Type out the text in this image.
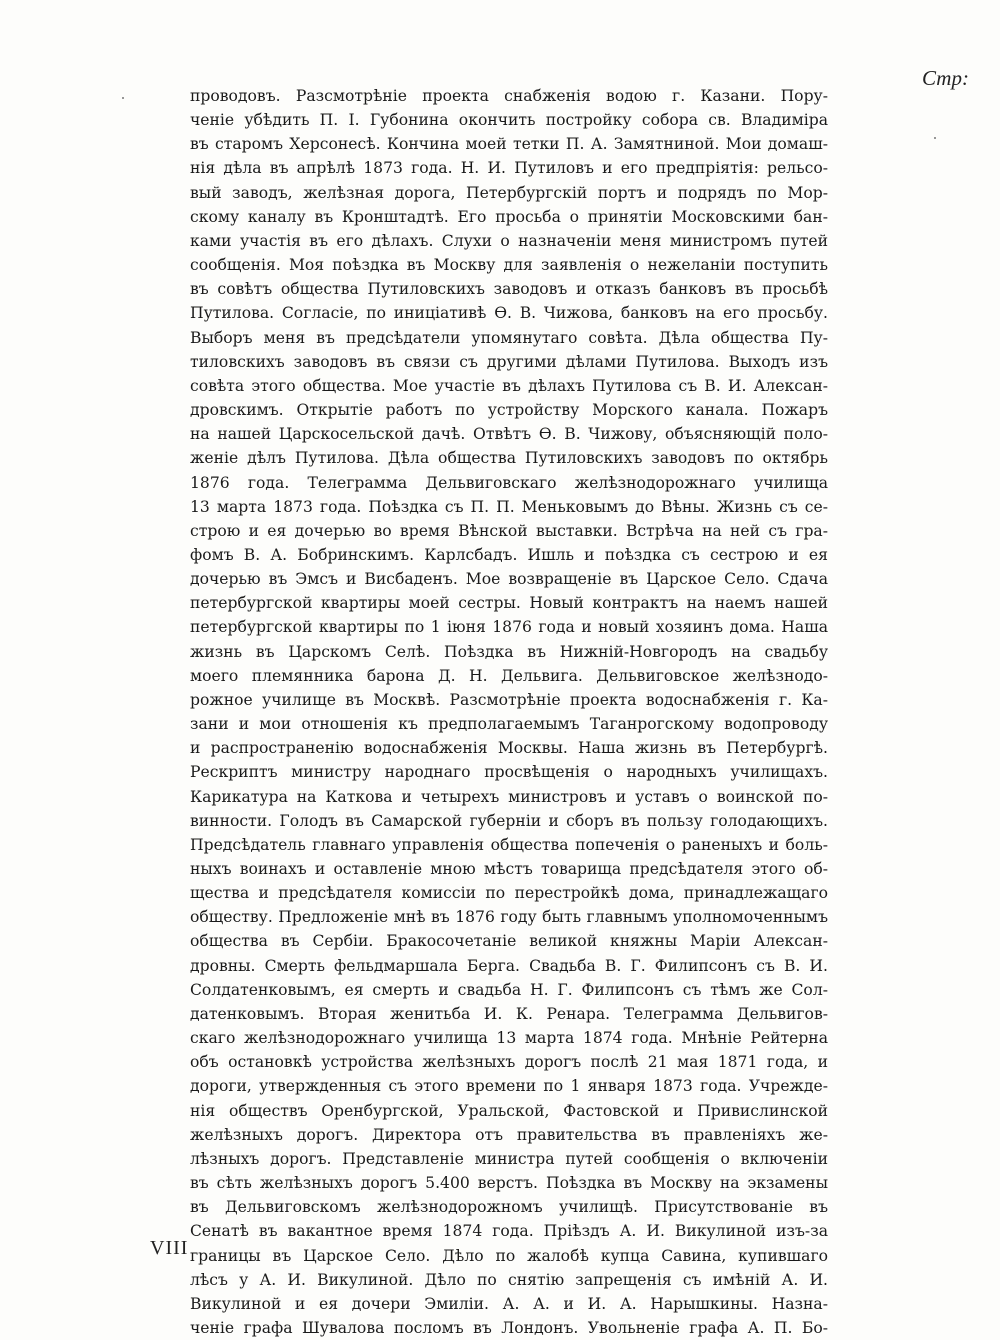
Стр:
проводовъ. Разсмотрѣніе проекта снабженія водою г. Казани. Пору-
ченіе убѣдить П. І. Губонина окончить постройку собора св. Владиміра
въ старомъ Херсонесѣ. Кончина моей тетки П. А. Замятниной. Мои домаш-
нія дѣла въ апрѣлѣ 1873 года. Н. И. Путиловъ и его предпріятія: рельсо-
вый заводъ, желѣзная дорога, Петербургскій портъ и подрядъ по Мор-
скому каналу въ Кронштадтѣ. Его просьба о принятіи Московскими бан-
ками участія въ его дѣлахъ. Слухи о назначеніи меня министромъ путей
сообщенія. Моя поѣздка въ Москву для заявленія о нежеланіи поступить
въ совѣтъ общества Путиловскихъ заводовъ и отказъ банковъ въ просьбѣ
Путилова. Согласіе, по иниціативѣ Ѳ. В. Чижова, банковъ на его просьбу.
Выборъ меня въ предсѣдатели упомянутаго совѣта. Дѣла общества Пу-
тиловскихъ заводовъ въ связи съ другими дѣлами Путилова. Выходъ изъ
совѣта этого общества. Мое участіе въ дѣлахъ Путилова съ В. И. Алексан-
дровскимъ. Открытіе работъ по устройству Морского канала. Пожаръ
на нашей Царскосельской дачѣ. Отвѣтъ Ѳ. В. Чижову, объясняющій поло-
женіе дѣлъ Путилова. Дѣла общества Путиловскихъ заводовъ по октябрь
1876 года. Телеграмма Дельвиговскаго желѣзнодорожнаго училища
13 марта 1873 года. Поѣздка съ П. П. Меньковымъ до Вѣны. Жизнь съ се-
строю и ея дочерью во время Вѣнской выставки. Встрѣча на ней съ гра-
фомъ В. А. Бобринскимъ. Карлсбадъ. Ишль и поѣздка съ сестрою и ея
дочерью въ Эмсъ и Висбаденъ. Мое возвращеніе въ Царское Село. Сдача
петербургской квартиры моей сестры. Новый контрактъ на наемъ нашей
петербургской квартиры по 1 іюня 1876 года и новый хозяинъ дома. Наша
жизнь въ Царскомъ Селѣ. Поѣздка въ Нижній-Новгородъ на свадьбу
моего племянника барона Д. Н. Дельвига. Дельвиговское желѣзнодо-
рожное училище въ Москвѣ. Разсмотрѣніе проекта водоснабженія г. Ка-
зани и мои отношенія къ предполагаемымъ Таганрогскому водопроводу
и распространенію водоснабженія Москвы. Наша жизнь въ Петербургѣ.
Рескриптъ министру народнаго просвѣщенія о народныхъ училищахъ.
Карикатура на Каткова и четырехъ министровъ и уставъ о воинской по-
винности. Голодъ въ Самарской губерніи и сборъ въ пользу голодающихъ.
Предсѣдатель главнаго управленія общества попеченія о раненыхъ и боль-
ныхъ воинахъ и оставленіе мною мѣстъ товарища предсѣдателя этого об-
щества и предсѣдателя комиссіи по перестройкѣ дома, принадлежащаго
обществу. Предложеніе мнѣ въ 1876 году быть главнымъ уполномоченнымъ
общества въ Сербіи. Бракосочетаніе великой княжны Маріи Алексан-
дровны. Смерть фельдмаршала Берга. Свадьба В. Г. Филипсонъ съ В. И.
Солдатенковымъ, ея смерть и свадьба Н. Г. Филипсонъ съ тѣмъ же Сол-
датенковымъ. Вторая женитьба И. К. Ренара. Телеграмма Дельвигов-
скаго желѣзнодорожнаго училища 13 марта 1874 года. Мнѣніе Рейтерна
объ остановкѣ устройства желѣзныхъ дорогъ послѣ 21 мая 1871 года, и
дороги, утвержденныя съ этого времени по 1 января 1873 года. Учрежде-
нія обществъ Оренбургской, Уральской, Фастовской и Привислинской
желѣзныхъ дорогъ. Директора отъ правительства въ правленіяхъ же-
лѣзныхъ дорогъ. Представленіе министра путей сообщенія о включеніи
въ сѣть желѣзныхъ дорогъ 5.400 верстъ. Поѣздка въ Москву на экзамены
въ Дельвиговскомъ желѣзнодорожномъ училищѣ. Присутствованіе въ
Сенатѣ въ вакантное время 1874 года. Пріѣздъ А. И. Викулиной изъ-за
границы въ Царское Село. Дѣло по жалобѣ купца Савина, купившаго
лѣсъ у А. И. Викулиной. Дѣло по снятію запрещенія съ имѣній А. И.
Викулиной и ея дочери Эмиліи. А. А. и И. А. Нарышкины. Назна-
ченіе графа Шувалова посломъ въ Лондонъ. Увольненіе графа А. П. Бо-
VIII
